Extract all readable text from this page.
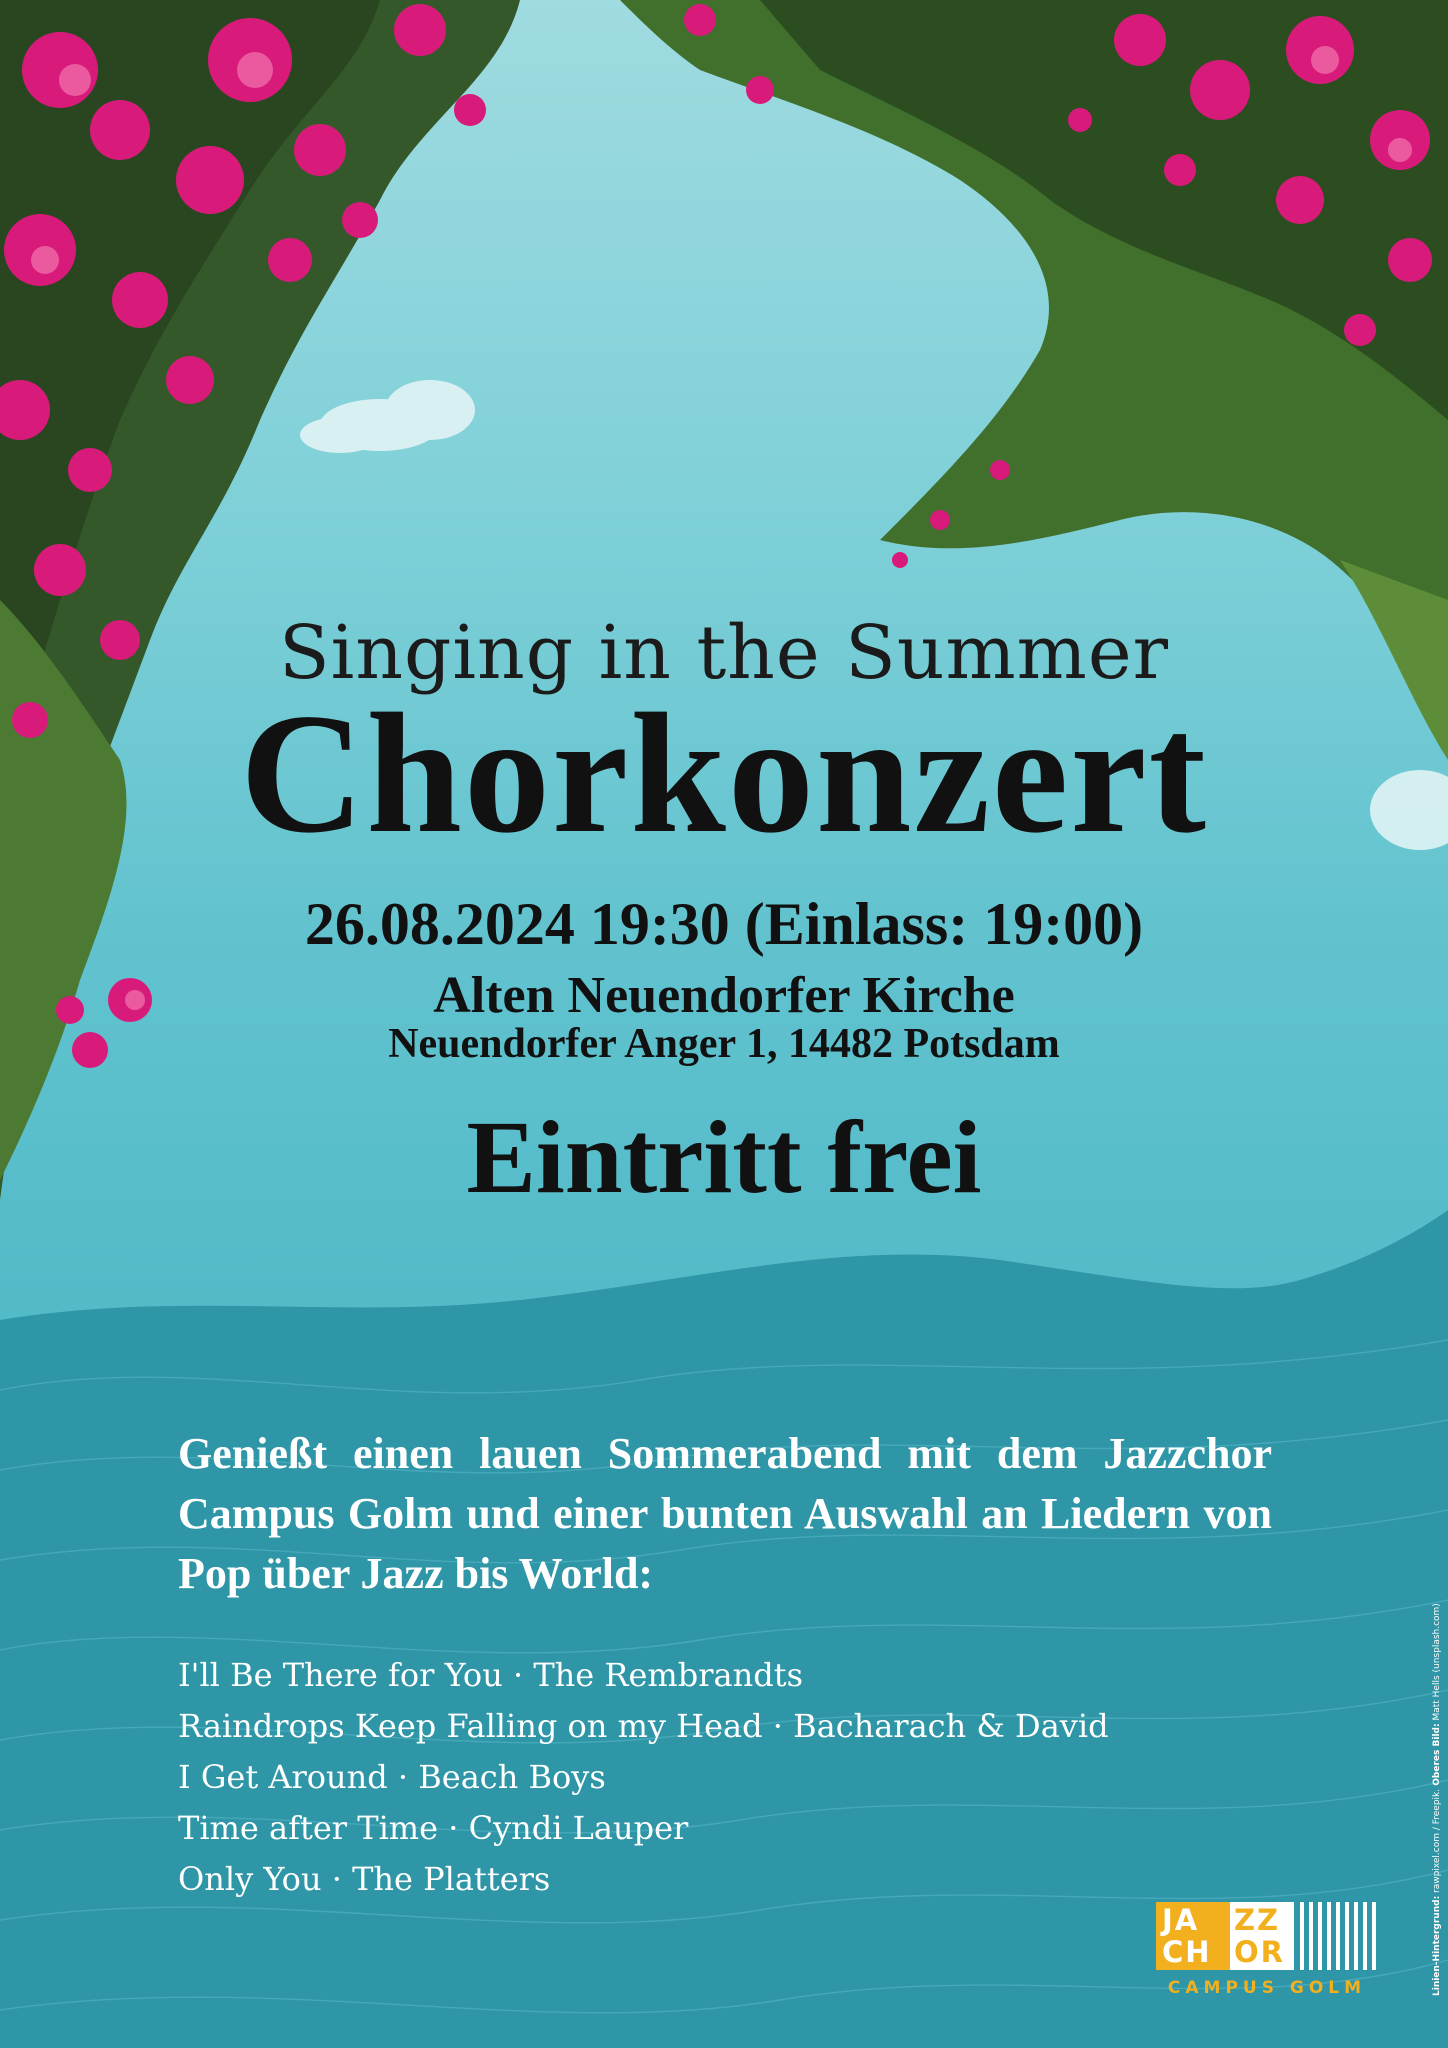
Singing in the Summer
Chorkonzert
26.08.2024 19:30 (Einlass: 19:00)
Alten Neuendorfer Kirche
Neuendorfer Anger 1, 14482 Potsdam
Eintritt frei

Genießt einen lauen Sommerabend mit dem Jazzchor Campus Golm und einer bunten Auswahl an Liedern von Pop über Jazz bis World:

I'll Be There for You · The Rembrandts
Raindrops Keep Falling on my Head · Bacharach & David
I Get Around · Beach Boys
Time after Time · Cyndi Lauper
Only You · The Platters
JA
CH
ZZ
OR
CAMPUS GOLM	Linien-Hintergrund: rawpixel.com / Freepik. Oberes Bild: Matt Hells (unsplash.com)
